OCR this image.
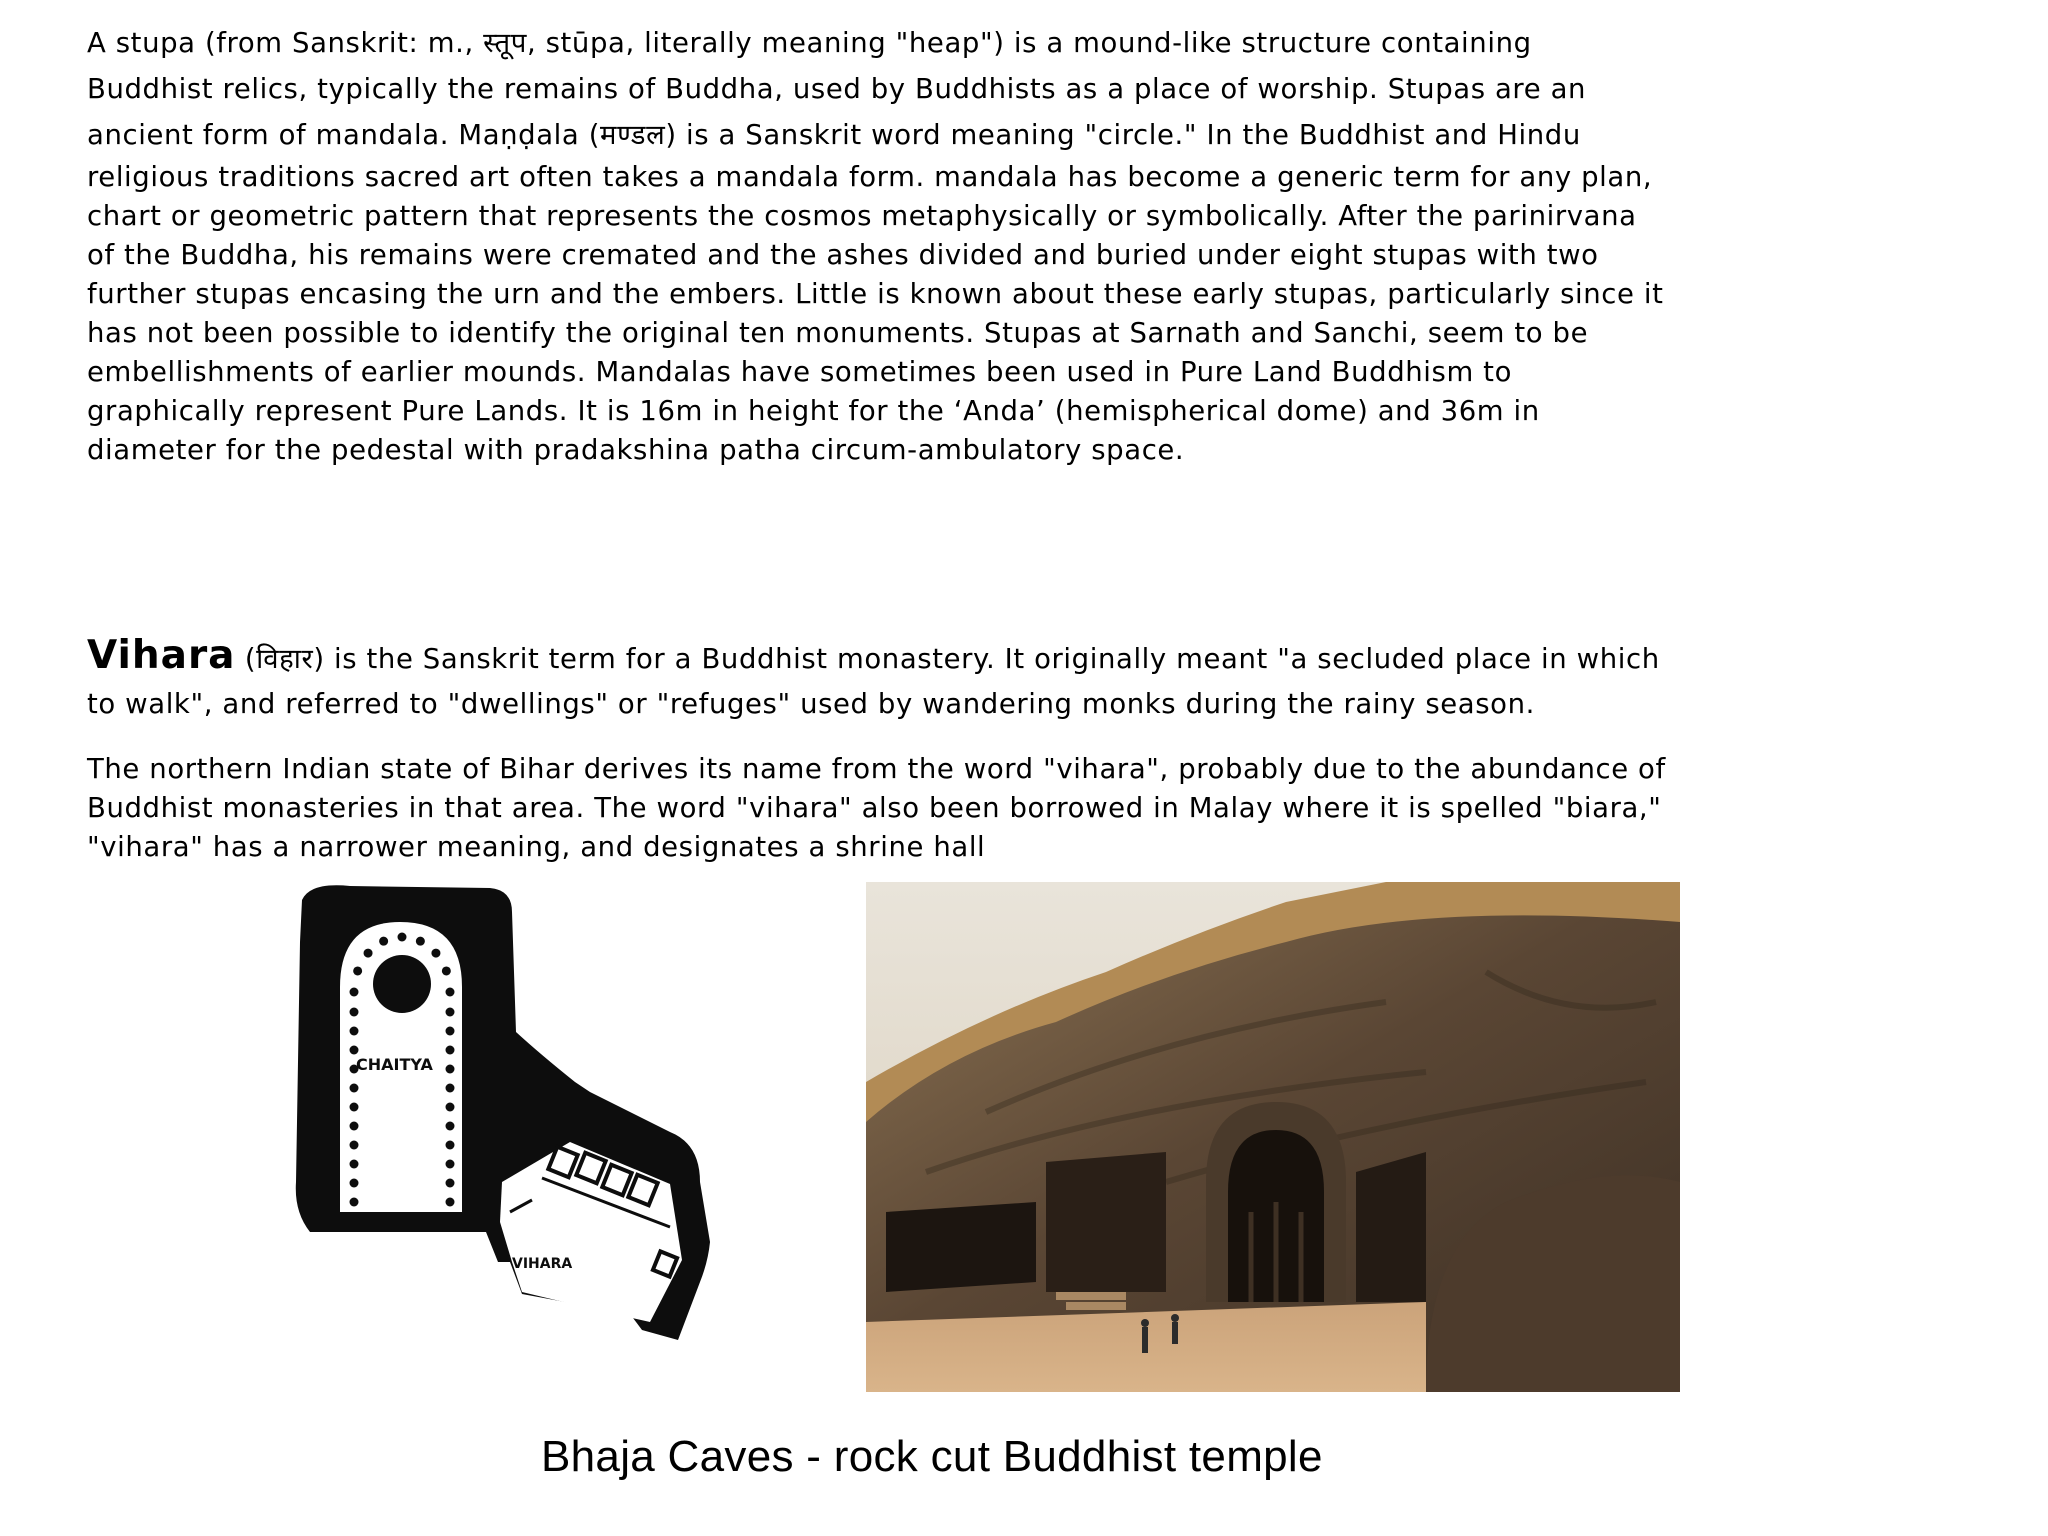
A stupa (from Sanskrit: m., स्तूप, stūpa, literally meaning "heap") is a mound-like structure containing
Buddhist relics, typically the remains of Buddha, used by Buddhists as a place of worship. Stupas are an
ancient form of mandala. Maṇḍala (मण्डल) is a Sanskrit word meaning "circle." In the Buddhist and Hindu
religious traditions sacred art often takes a mandala form. mandala has become a generic term for any plan,
chart or geometric pattern that represents the cosmos metaphysically or symbolically. After the parinirvana
of the Buddha, his remains were cremated and the ashes divided and buried under eight stupas with two
further stupas encasing the urn and the embers. Little is known about these early stupas, particularly since it
has not been possible to identify the original ten monuments. Stupas at Sarnath and Sanchi, seem to be
embellishments of earlier mounds. Mandalas have sometimes been used in Pure Land Buddhism to
graphically represent Pure Lands. It is 16m in height for the ‘Anda’ (hemispherical dome) and 36m in
diameter for the pedestal with pradakshina patha circum-ambulatory space.
Vihara (विहार) is the Sanskrit term for a Buddhist monastery. It originally meant "a secluded place in which
to walk", and referred to "dwellings" or "refuges" used by wandering monks during the rainy season.
The northern Indian state of Bihar derives its name from the word "vihara", probably due to the abundance of
Buddhist monasteries in that area. The word "vihara" also been borrowed in Malay where it is spelled "biara,"
"vihara" has a narrower meaning, and designates a shrine hall
CHAITYA
VIHARA
Bhaja Caves - rock cut Buddhist temple
